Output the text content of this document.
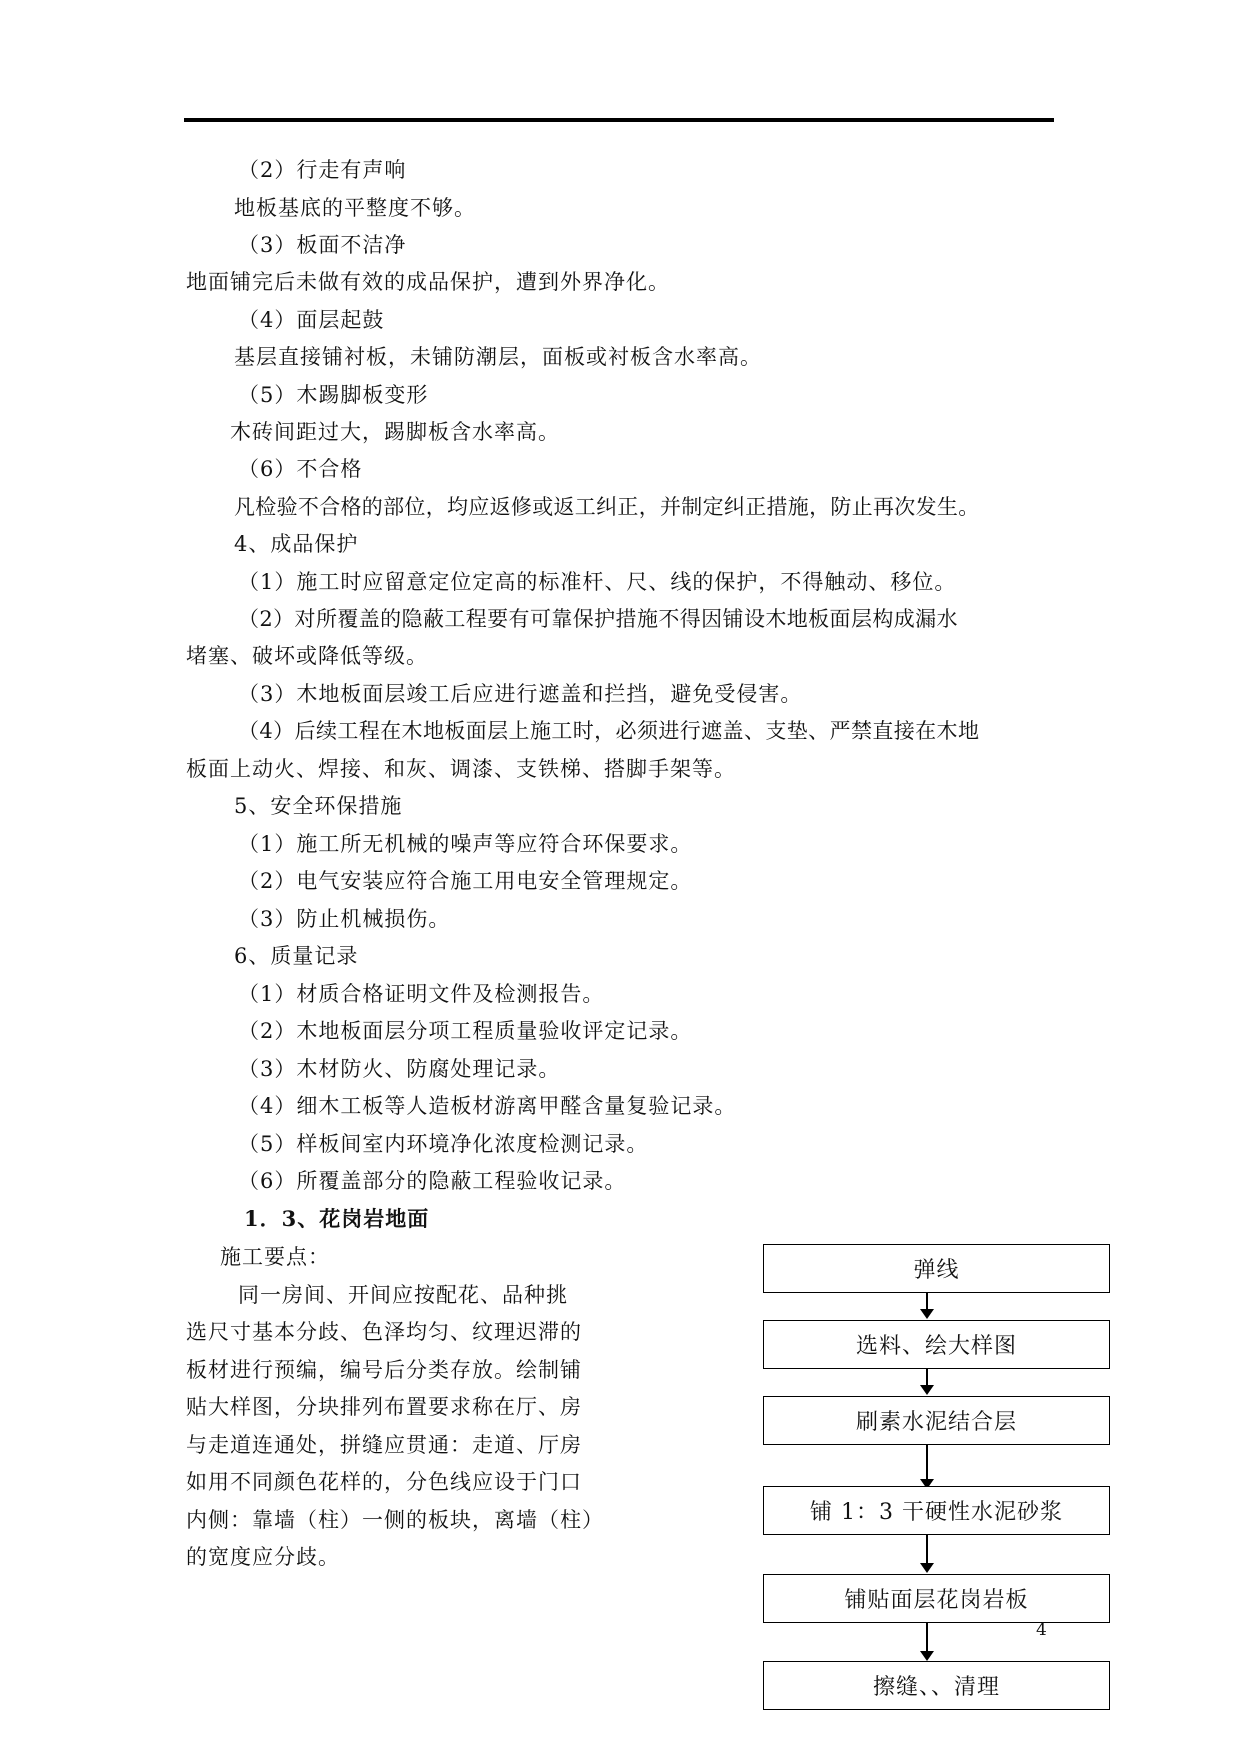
（2）行走有声响
地板基底的平整度不够。
（3）板面不洁净
地面铺完后未做有效的成品保护，遭到外界净化。
（4）面层起鼓
基层直接铺衬板，未铺防潮层，面板或衬板含水率高。
（5）木踢脚板变形
木砖间距过大，踢脚板含水率高。
（6）不合格
凡检验不合格的部位，均应返修或返工纠正，并制定纠正措施，防止再次发生。
4、成品保护
（1）施工时应留意定位定高的标准杆、尺、线的保护，不得触动、移位。
（2）对所覆盖的隐蔽工程要有可靠保护措施不得因铺设木地板面层构成漏水
堵塞、破坏或降低等级。
（3）木地板面层竣工后应进行遮盖和拦挡，避免受侵害。
（4）后续工程在木地板面层上施工时，必须进行遮盖、支垫、严禁直接在木地
板面上动火、焊接、和灰、调漆、支铁梯、搭脚手架等。
5、安全环保措施
（1）施工所无机械的噪声等应符合环保要求。
（2）电气安装应符合施工用电安全管理规定。
（3）防止机械损伤。
6、质量记录
（1）材质合格证明文件及检测报告。
（2）木地板面层分项工程质量验收评定记录。
（3）木材防火、防腐处理记录。
（4）细木工板等人造板材游离甲醛含量复验记录。
（5）样板间室内环境净化浓度检测记录。
（6）所覆盖部分的隐蔽工程验收记录。
1．3、花岗岩地面
施工要点：
同一房间、开间应按配花、品种挑
选尺寸基本分歧、色泽均匀、纹理迟滞的
板材进行预编，编号后分类存放。绘制铺
贴大样图，分块排列布置要求称在厅、房
与走道连通处，拼缝应贯通：走道、厅房
如用不同颜色花样的，分色线应设于门口
内侧：靠墙（柱）一侧的板块，离墙（柱）
的宽度应分歧。
弹线
选料、绘大样图
刷素水泥结合层
铺 1：3 干硬性水泥砂浆
铺贴面层花岗岩板
擦缝、、清理
4
